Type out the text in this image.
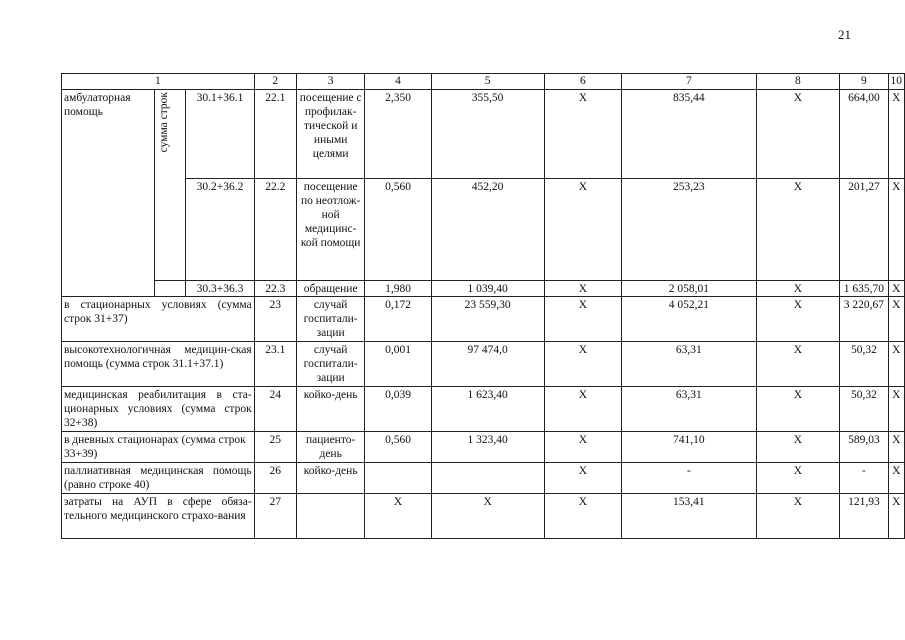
21
1			2	3	4	5	6	7	8	9	10
амбулаторная помощь	сумма строк	30.1+36.1	22.1	посещение с профилак-тической и иными целями	2,350	355,50	Х	835,44	Х	664,00	Х
		30.2+36.2	22.2	посещение по неотлож-ной медицинс-кой помощи	0,560	452,20	Х	253,23	Х	201,27	Х
		30.3+36.3	22.3	обращение	1,980	1 039,40	Х	2 058,01	Х	1 635,70	Х
в стационарных условиях (сумма строк 31+37)			23	случай госпитали-зации	0,172	23 559,30	Х	4 052,21	Х	3 220,67	Х
высокотехнологичная медицин-ская помощь (сумма строк 31.1+37.1)			23.1	случай госпитали-зации	0,001	97 474,0	Х	63,31	Х	50,32	Х
медицинская реабилитация в ста-ционарных условиях (сумма строк 32+38)			24	койко-день	0,039	1 623,40	Х	63,31	Х	50,32	Х
в дневных стационарах (сумма строк 33+39)			25	пациенто-день	0,560	1 323,40	Х	741,10	Х	589,03	Х
паллиативная медицинская помощь (равно строке 40)			26	койко-день			Х	-	Х	-	Х
затраты на АУП в сфере обяза-тельного медицинского страхо-вания			27		Х	Х	Х	153,41	Х	121,93	Х
